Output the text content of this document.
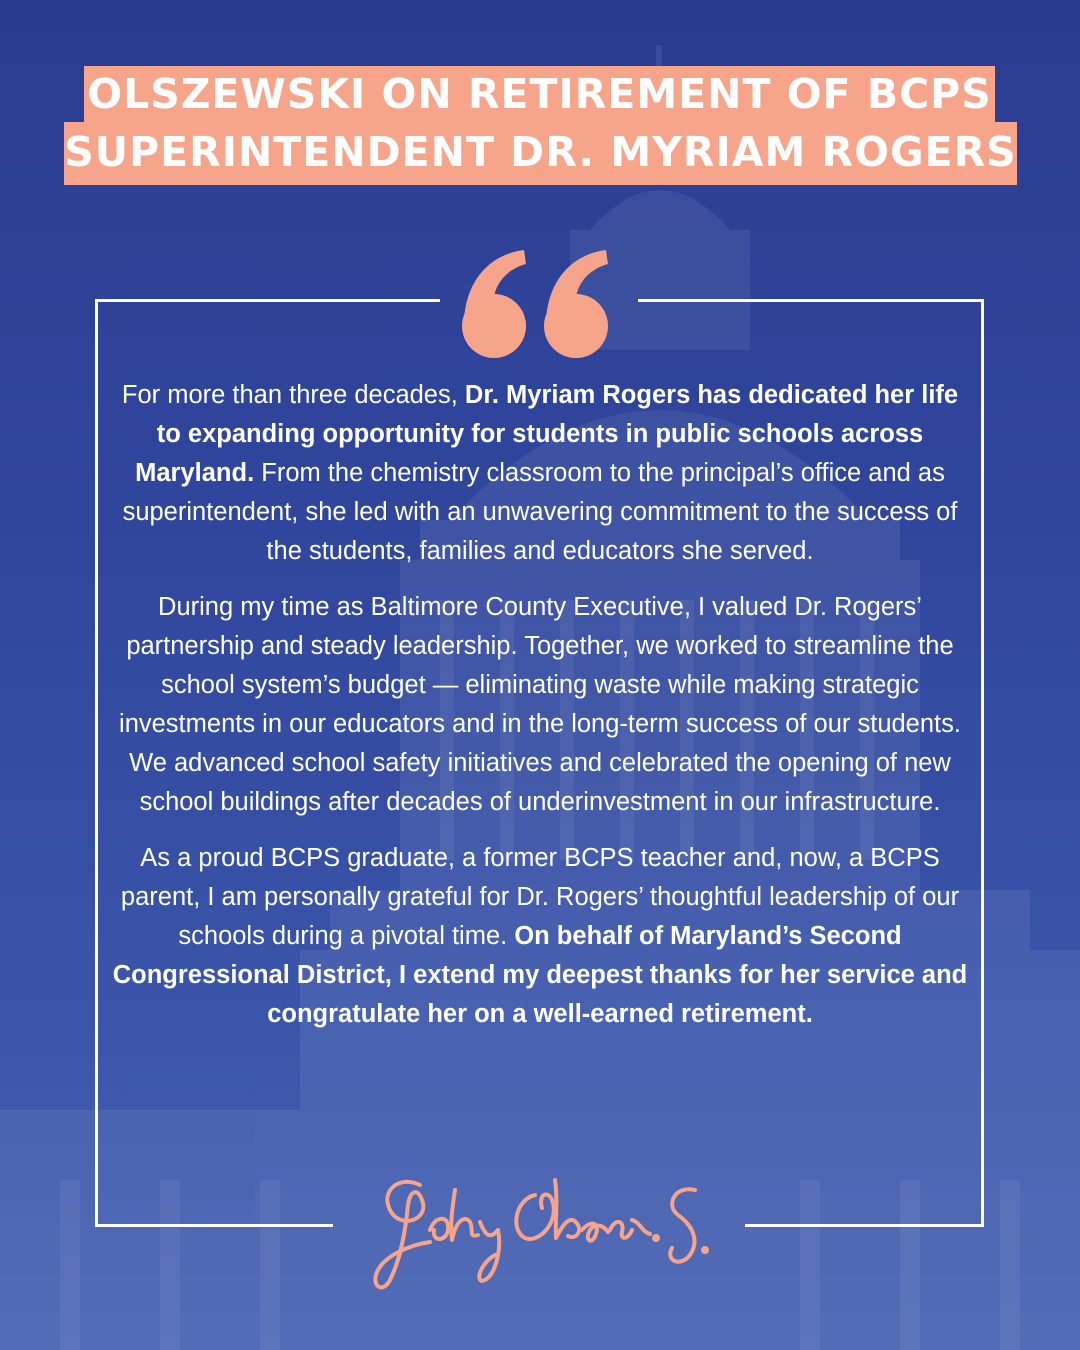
OLSZEWSKI ON RETIREMENT OF BCPS
SUPERINTENDENT DR. MYRIAM ROGERS

For more than three decades, Dr. Myriam Rogers has dedicated her life to expanding opportunity for students in public schools across Maryland. From the chemistry classroom to the principal’s office and as superintendent, she led with an unwavering commitment to the success of the students, families and educators she served.

During my time as Baltimore County Executive, I valued Dr. Rogers’ partnership and steady leadership. Together, we worked to streamline the school system’s budget — eliminating waste while making strategic investments in our educators and in the long-term success of our students. We advanced school safety initiatives and celebrated the opening of new school buildings after decades of underinvestment in our infrastructure.

As a proud BCPS graduate, a former BCPS teacher and, now, a BCPS parent, I am personally grateful for Dr. Rogers’ thoughtful leadership of our schools during a pivotal time. On behalf of Maryland’s Second Congressional District, I extend my deepest thanks for her service and congratulate her on a well-earned retirement.
